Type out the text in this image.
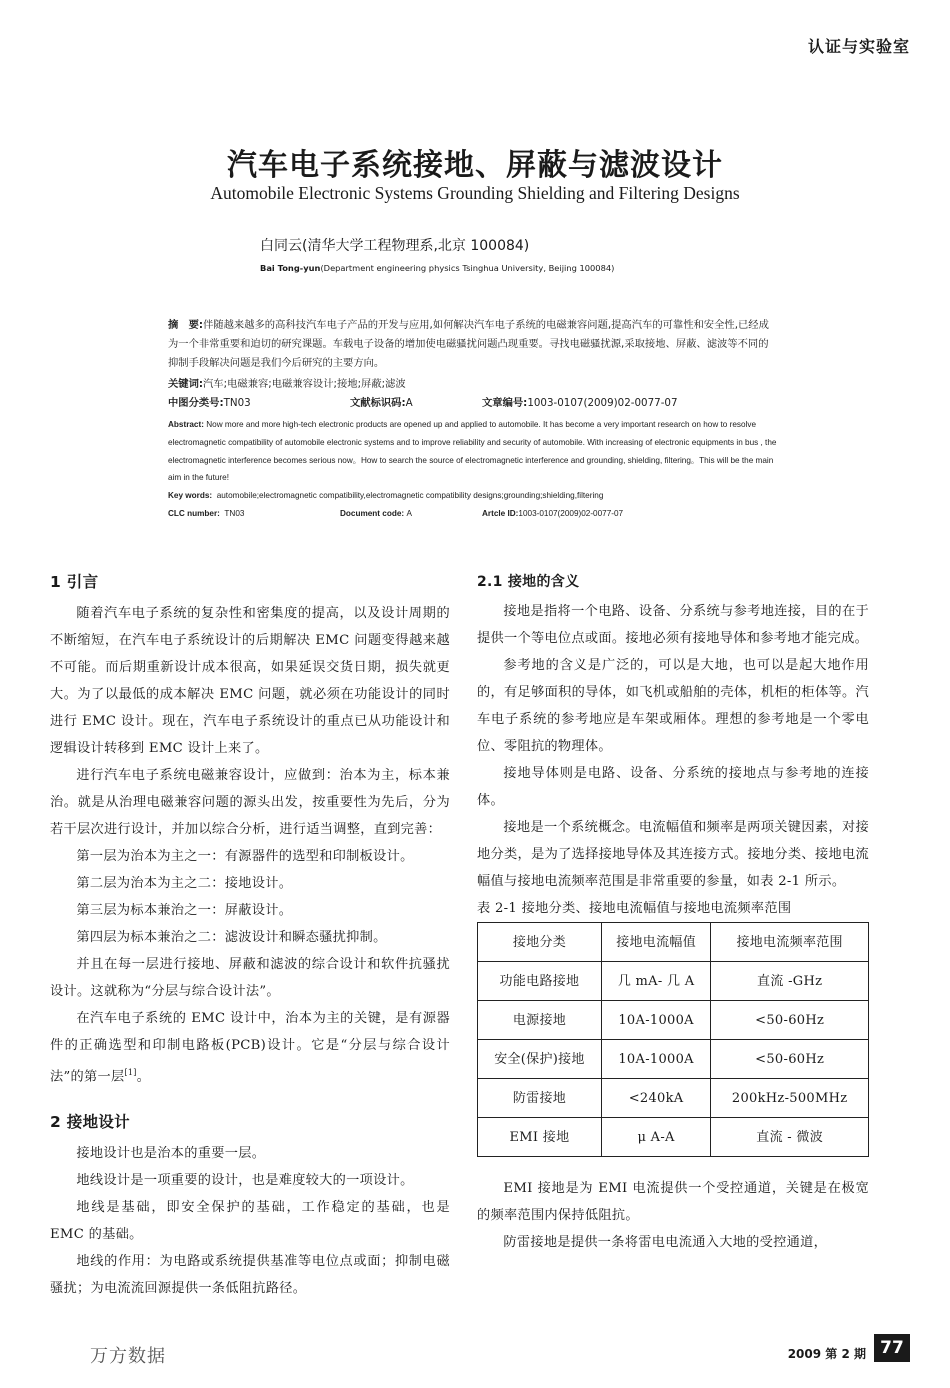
认证与实验室
汽车电子系统接地、屏蔽与滤波设计
Automobile Electronic Systems Grounding Shielding and Filtering Designs
白同云(清华大学工程物理系,北京 100084)
Bai Tong-yun(Department engineering physics Tsinghua University, Beijing 100084)

摘　要:伴随越来越多的高科技汽车电子产品的开发与应用,如何解决汽车电子系统的电磁兼容问题,提高汽车的可靠性和安全性,已经成为一个非常重要和迫切的研究课题。车载电子设备的增加使电磁骚扰问题凸现重要。寻找电磁骚扰源,采取接地、屏蔽、滤波等不同的抑制手段解决问题是我们今后研究的主要方向。

关键词:汽车;电磁兼容;电磁兼容设计;接地;屏蔽;滤波

中图分类号:TN03	文献标识码:A	文章编号:1003-0107(2009)02-0077-07

Abstract: Now more and more high-tech electronic products are opened up and applied to automobile. It has become a very important research on how to resolve electromagnetic compatibility of automobile electronic systems and to improve reliability and security of automobile. With increasing of electronic equipments in bus , the electromagnetic interference becomes serious now。How to search the source of electromagnetic interference and grounding, shielding, filtering。This will be the main aim in the future!

Key words: automobile;electromagnetic compatibility,electromagnetic compatibility designs;grounding;shielding,filtering

CLC number: TN03	Document code: A	Artcle ID:1003-0107(2009)02-0077-07

1 引言

随着汽车电子系统的复杂性和密集度的提高，以及设计周期的不断缩短，在汽车电子系统设计的后期解决 EMC 问题变得越来越不可能。而后期重新设计成本很高，如果延误交货日期，损失就更大。为了以最低的成本解决 EMC 问题，就必须在功能设计的同时进行 EMC 设计。现在，汽车电子系统设计的重点已从功能设计和逻辑设计转移到 EMC 设计上来了。

进行汽车电子系统电磁兼容设计，应做到：治本为主，标本兼治。就是从治理电磁兼容问题的源头出发，按重要性为先后，分为若干层次进行设计，并加以综合分析，进行适当调整，直到完善：

第一层为治本为主之一：有源器件的选型和印制板设计。

第二层为治本为主之二：接地设计。

第三层为标本兼治之一：屏蔽设计。

第四层为标本兼治之二：滤波设计和瞬态骚扰抑制。

并且在每一层进行接地、屏蔽和滤波的综合设计和软件抗骚扰设计。这就称为“分层与综合设计法”。

在汽车电子系统的 EMC 设计中，治本为主的关键，是有源器件的正确选型和印制电路板(PCB)设计。它是“分层与综合设计法”的第一层[1]。

2 接地设计

接地设计也是治本的重要一层。

地线设计是一项重要的设计，也是难度较大的一项设计。

地线是基础，即安全保护的基础，工作稳定的基础，也是 EMC 的基础。

地线的作用：为电路或系统提供基准等电位点或面；抑制电磁骚扰；为电流流回源提供一条低阻抗路径。

2.1 接地的含义

接地是指将一个电路、设备、分系统与参考地连接，目的在于提供一个等电位点或面。接地必须有接地导体和参考地才能完成。

参考地的含义是广泛的，可以是大地，也可以是起大地作用的，有足够面积的导体，如飞机或船舶的壳体，机柜的柜体等。汽车电子系统的参考地应是车架或厢体。理想的参考地是一个零电位、零阻抗的物理体。

接地导体则是电路、设备、分系统的接地点与参考地的连接体。

接地是一个系统概念。电流幅值和频率是两项关键因素，对接地分类，是为了选择接地导体及其连接方式。接地分类、接地电流幅值与接地电流频率范围是非常重要的参量，如表 2-1 所示。

表 2-1 接地分类、接地电流幅值与接地电流频率范围

接地分类	接地电流幅值	接地电流频率范围
功能电路接地	几 mA- 几 A	直流 -GHz
电源接地	10A-1000A	<50-60Hz
安全(保护)接地	10A-1000A	<50-60Hz
防雷接地	<240kA	200kHz-500MHz
EMI 接地	μ A-A	直流 - 微波

EMI 接地是为 EMI 电流提供一个受控通道，关键是在极宽的频率范围内保持低阻抗。

防雷接地是提供一条将雷电电流通入大地的受控通道，

万方数据	2009 第 2 期 77
